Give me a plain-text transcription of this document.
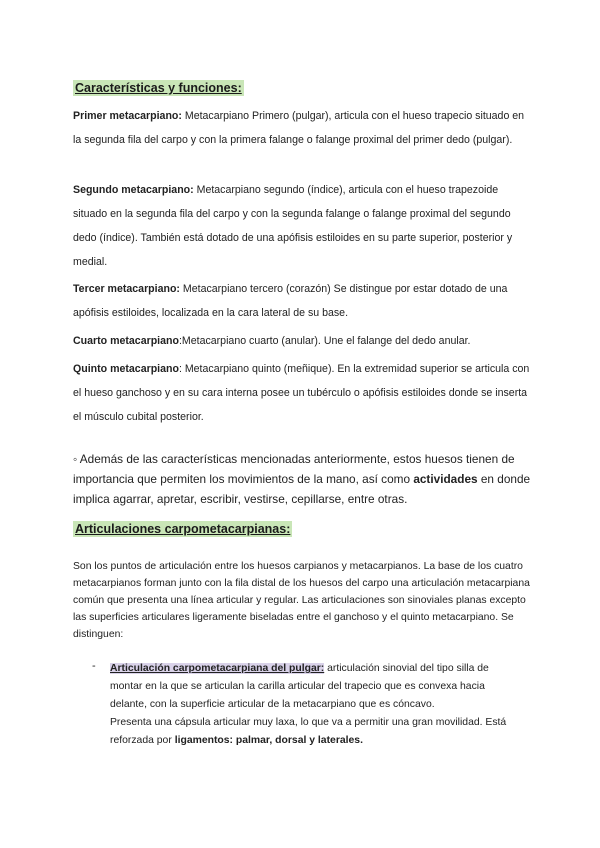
Características y funciones:

Primer metacarpiano: Metacarpiano Primero (pulgar), articula con el hueso trapecio situado en la segunda fila del carpo y con la primera falange o falange proximal del primer dedo (pulgar).

Segundo metacarpiano: Metacarpiano segundo (índice), articula con el hueso trapezoide situado en la segunda fila del carpo y con la segunda falange o falange proximal del segundo dedo (índice). También está dotado de una apófisis estiloides en su parte superior, posterior y medial.

Tercer metacarpiano: Metacarpiano tercero (corazón) Se distingue por estar dotado de una apófisis estiloides, localizada en la cara lateral de su base.

Cuarto metacarpiano:Metacarpiano cuarto (anular). Une el falange del dedo anular.

Quinto metacarpiano: Metacarpiano quinto (meñique). En la extremidad superior se articula con el hueso ganchoso y en su cara interna posee un tubérculo o apófisis estiloides donde se inserta el músculo cubital posterior.

◦ Además de las características mencionadas anteriormente, estos huesos tienen de importancia que permiten los movimientos de la mano, así como actividades en donde implica agarrar, apretar, escribir, vestirse, cepillarse, entre otras.

Articulaciones carpometacarpianas:

Son los puntos de articulación entre los huesos carpianos y metacarpianos. La base de los cuatro metacarpianos forman junto con la fila distal de los huesos del carpo una articulación metacarpiana común que presenta una línea articular y regular. Las articulaciones son sinoviales planas excepto las superficies articulares ligeramente biseladas entre el ganchoso y el quinto metacarpiano. Se distinguen:

- Articulación carpometacarpiana del pulgar: articulación sinovial del tipo silla de montar en la que se articulan la carilla articular del trapecio que es convexa hacia delante, con la superficie articular de la metacarpiano que es cóncavo.
Presenta una cápsula articular muy laxa, lo que va a permitir una gran movilidad. Está reforzada por ligamentos: palmar, dorsal y laterales.
